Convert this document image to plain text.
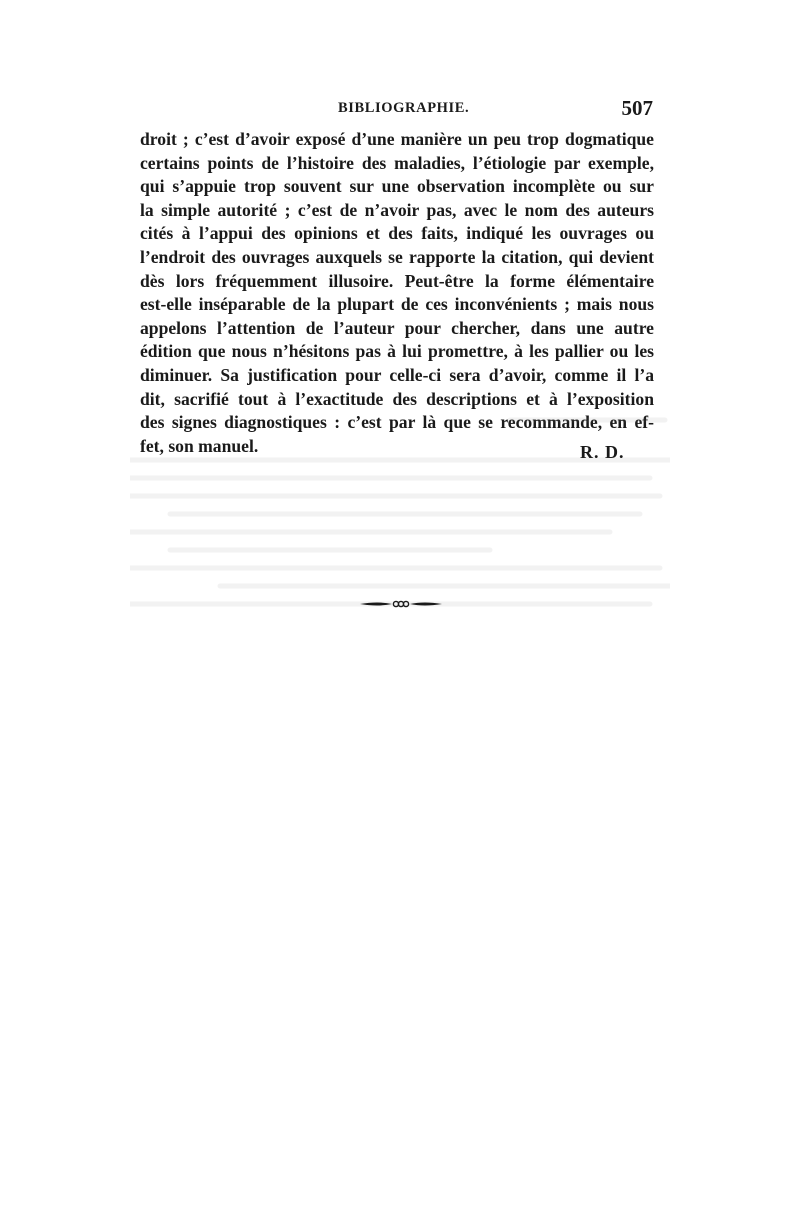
BIBLIOGRAPHIE.	507
droit ; c’est d’avoir exposé d’une manière un peu trop dogmatique
certains points de l’histoire des maladies, l’étiologie par exemple,
qui s’appuie trop souvent sur une observation incomplète ou sur
la simple autorité ; c’est de n’avoir pas, avec le nom des auteurs
cités à l’appui des opinions et des faits, indiqué les ouvrages ou
l’endroit des ouvrages auxquels se rapporte la citation, qui devient
dès lors fréquemment illusoire. Peut-être la forme élémentaire
est-elle inséparable de la plupart de ces inconvénients ; mais nous
appelons l’attention de l’auteur pour chercher, dans une autre
édition que nous n’hésitons pas à lui promettre, à les pallier ou les
diminuer. Sa justification pour celle-ci sera d’avoir, comme il l’a
dit, sacrifié tout à l’exactitude des descriptions et à l’exposition
des signes diagnostiques : c’est par là que se recommande, en ef-
fet, son manuel.	R. D.
